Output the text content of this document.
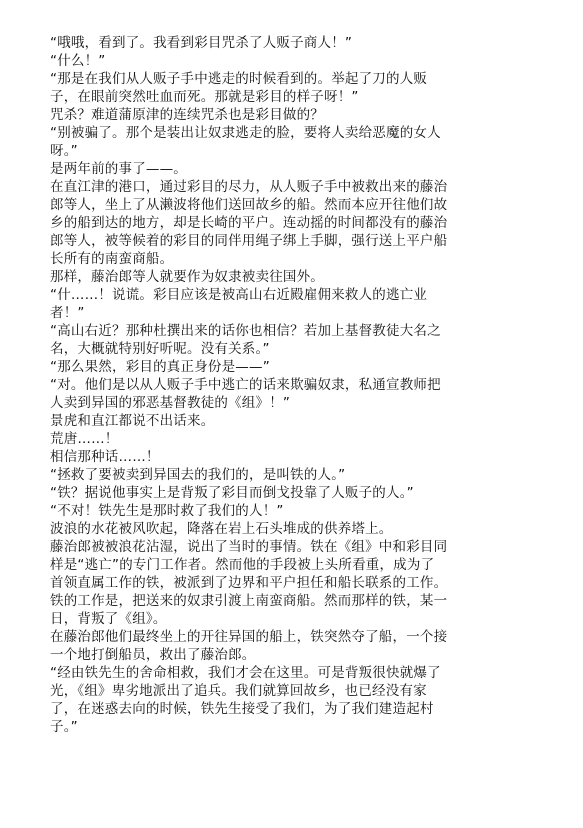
“哦哦，看到了。我看到彩目咒杀了人贩子商人！”

“什么！”

“那是在我们从人贩子手中逃走的时候看到的。举起了刀的人贩
子，在眼前突然吐血而死。那就是彩目的样子呀！”

咒杀？难道蒲原津的连续咒杀也是彩目做的？

“别被骗了。那个是装出让奴隶逃走的脸，要将人卖给恶魔的女人
呀。”

是两年前的事了——。

在直江津的港口，通过彩目的尽力，从人贩子手中被救出来的藤治
郎等人，坐上了从濑波将他们送回故乡的船。然而本应开往他们故
乡的船到达的地方，却是长崎的平户。连动摇的时间都没有的藤治
郎等人，被等候着的彩目的同伴用绳子绑上手脚，强行送上平户船
长所有的南蛮商船。

那样，藤治郎等人就要作为奴隶被卖往国外。

“什……！说谎。彩目应该是被高山右近殿雇佣来救人的逃亡业
者！”

“高山右近？那种杜撰出来的话你也相信？若加上基督教徒大名之
名，大概就特别好听呢。没有关系。”

“那么果然，彩目的真正身份是——”

“对。他们是以从人贩子手中逃亡的话来欺骗奴隶，私通宣教师把
人卖到异国的邪恶基督教徒的《组》！”

景虎和直江都说不出话来。

荒唐……！

相信那种话……！

“拯救了要被卖到异国去的我们的，是叫铁的人。”

“铁？据说他事实上是背叛了彩目而倒戈投靠了人贩子的人。”

“不对！铁先生是那时救了我们的人！”

波浪的水花被风吹起，降落在岩上石头堆成的供养塔上。

藤治郎被被浪花沾湿，说出了当时的事情。铁在《组》中和彩目同
样是“逃亡”的专门工作者。然而他的手段被上头所看重，成为了
首领直属工作的铁，被派到了边界和平户担任和船长联系的工作。

铁的工作是，把送来的奴隶引渡上南蛮商船。然而那样的铁，某一
日，背叛了《组》。

在藤治郎他们最终坐上的开往异国的船上，铁突然夺了船，一个接
一个地打倒船员，救出了藤治郎。

“经由铁先生的舍命相救，我们才会在这里。可是背叛很快就爆了
光，《组》卑劣地派出了追兵。我们就算回故乡，也已经没有家
了，在迷惑去向的时候，铁先生接受了我们，为了我们建造起村
子。”
